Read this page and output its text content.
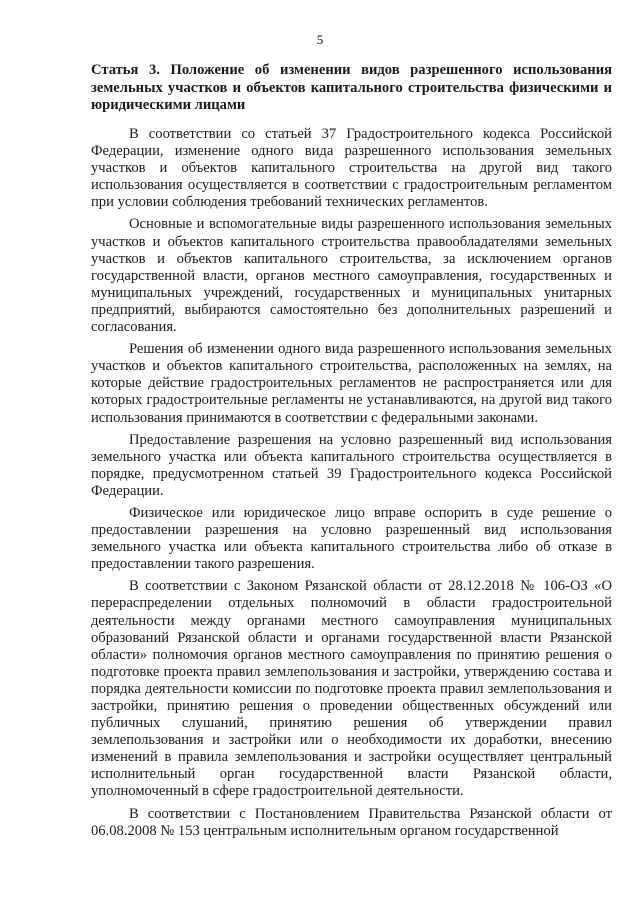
5
Статья 3. Положение об изменении видов разрешенного использования земельных участков и объектов капитального строительства физическими и юридическими лицами

В соответствии со статьей 37 Градостроительного кодекса Российской Федерации, изменение одного вида разрешенного использования земельных участков и объектов капитального строительства на другой вид такого использования осуществляется в соответствии с градостроительным регламентом при условии соблюдения требований технических регламентов.

Основные и вспомогательные виды разрешенного использования земельных участков и объектов капитального строительства правообладателями земельных участков и объектов капитального строительства, за исключением органов государственной власти, органов местного самоуправления, государственных и муниципальных учреждений, государственных и муниципальных унитарных предприятий, выбираются самостоятельно без дополнительных разрешений и согласования.

Решения об изменении одного вида разрешенного использования земельных участков и объектов капитального строительства, расположенных на землях, на которые действие градостроительных регламентов не распространяется или для которых градостроительные регламенты не устанавливаются, на другой вид такого использования принимаются в соответствии с федеральными законами.

Предоставление разрешения на условно разрешенный вид использования земельного участка или объекта капитального строительства осуществляется в порядке, предусмотренном статьей 39 Градостроительного кодекса Российской Федерации.

Физическое или юридическое лицо вправе оспорить в суде решение о предоставлении разрешения на условно разрешенный вид использования земельного участка или объекта капитального строительства либо об отказе в предоставлении такого разрешения.

В соответствии с Законом Рязанской области от 28.12.2018 № 106-ОЗ «О перераспределении отдельных полномочий в области градостроительной деятельности между органами местного самоуправления муниципальных образований Рязанской области и органами государственной власти Рязанской области» полномочия органов местного самоуправления по принятию решения о подготовке проекта правил землепользования и застройки, утверждению состава и порядка деятельности комиссии по подготовке проекта правил землепользования и застройки, принятию решения о проведении общественных обсуждений или публичных слушаний, принятию решения об утверждении правил землепользования и застройки или о необходимости их доработки, внесению изменений в правила землепользования и застройки осуществляет центральный исполнительный орган государственной власти Рязанской области, уполномоченный в сфере градостроительной деятельности.

В соответствии с Постановлением Правительства Рязанской области от 06.08.2008 № 153 центральным исполнительным органом государственной
